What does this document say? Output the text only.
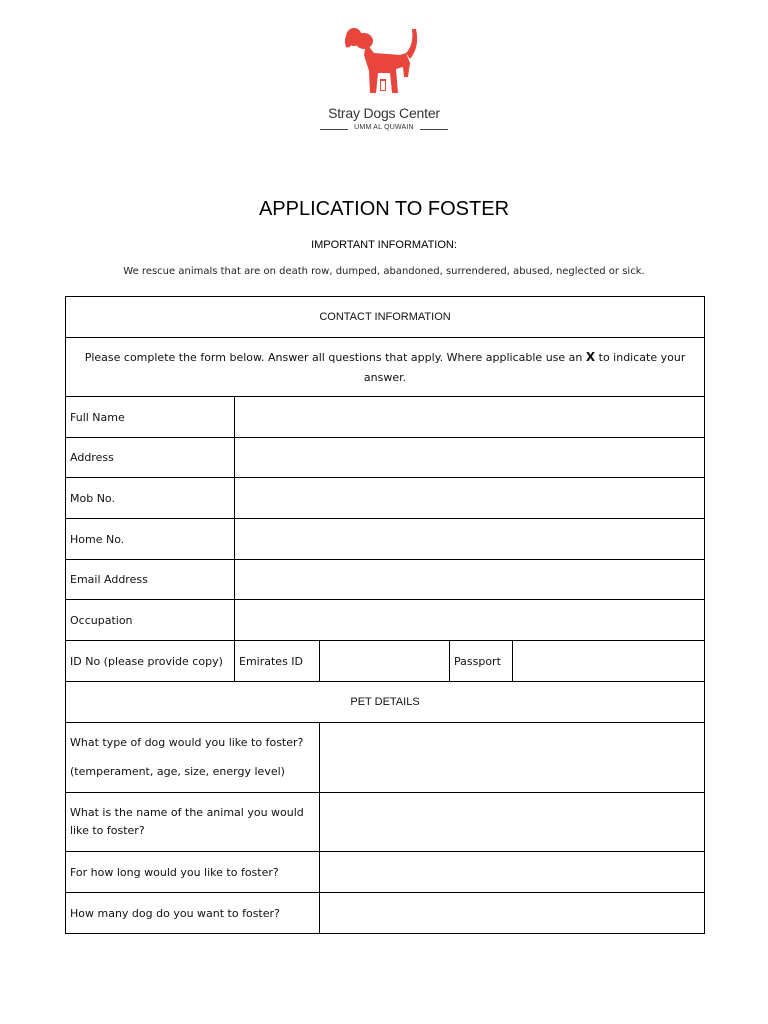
Stray Dogs Center
UMM AL QUWAIN
APPLICATION TO FOSTER
IMPORTANT INFORMATION:
We rescue animals that are on death row, dumped, abandoned, surrendered, abused, neglected or sick.
CONTACT INFORMATION				
Please complete the form below. Answer all questions that apply. Where applicable use an X to indicate your answer.				
Full Name				
Address				
Mob No.				
Home No.				
Email Address				
Occupation				
ID No (please provide copy)	Emirates ID		Passport	
PET DETAILS				

What type of dog would you like to foster?

(temperament, age, size, energy level)				

What is the name of the animal you would like to foster?				
For how long would you like to foster?				
How many dog do you want to foster?				
